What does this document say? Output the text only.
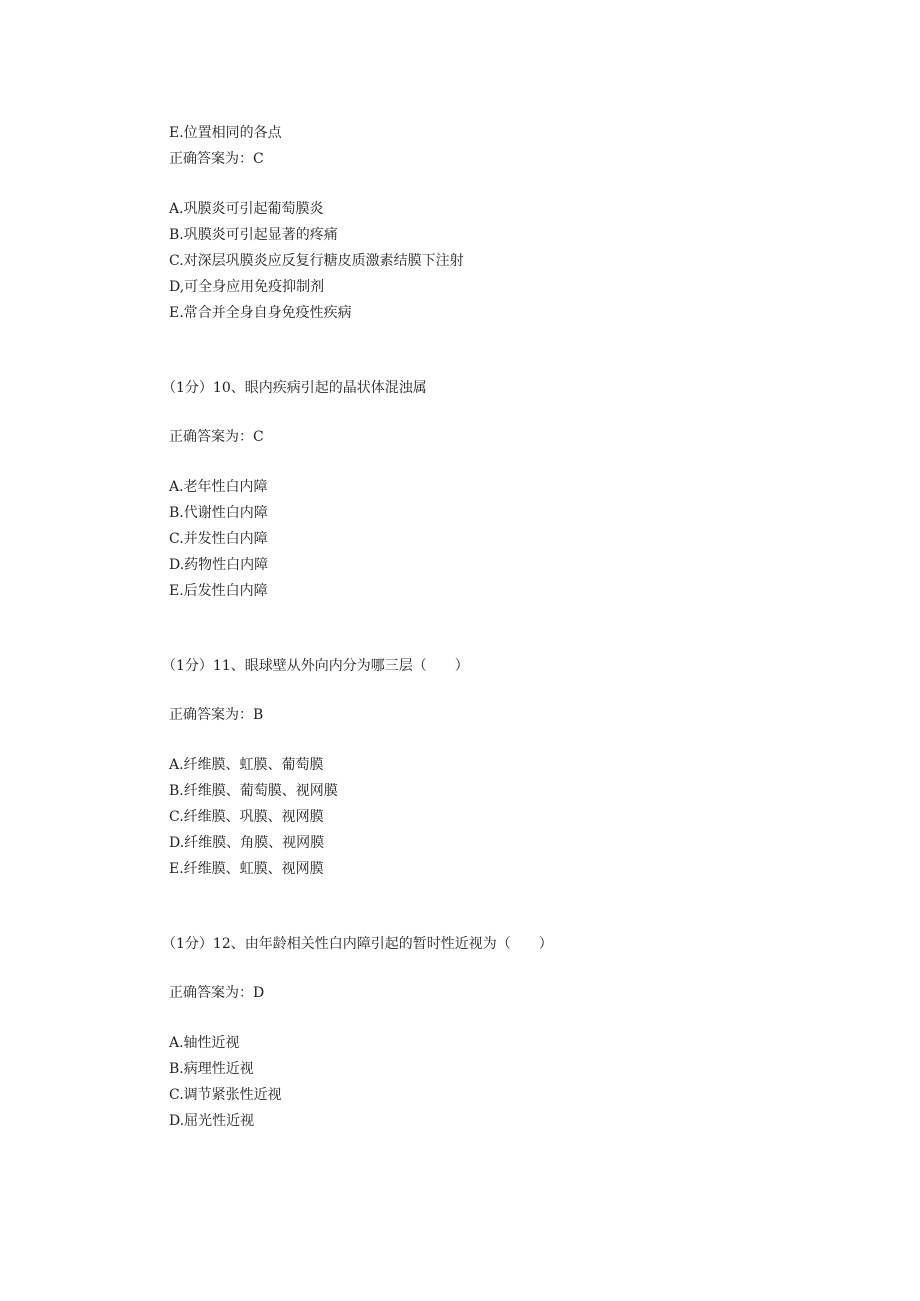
E.位置相同的各点
正确答案为：C
A.巩膜炎可引起葡萄膜炎
B.巩膜炎可引起显著的疼痛
C.对深层巩膜炎应反复行糖皮质激素结膜下注射
D,可全身应用免疫抑制剂
E.常合并全身自身免疫性疾病
（1分）10、眼内疾病引起的晶状体混浊属
正确答案为：C
A.老年性白内障
B.代谢性白内障
C.并发性白内障
D.药物性白内障
E.后发性白内障
（1分）11、眼球壁从外向内分为哪三层（　　）
正确答案为：B
A.纤维膜、虹膜、葡萄膜
B.纤维膜、葡萄膜、视网膜
C.纤维膜、巩膜、视网膜
D.纤维膜、角膜、视网膜
E.纤维膜、虹膜、视网膜
（1分）12、由年龄相关性白内障引起的暂时性近视为（　　）
正确答案为：D
A.轴性近视
B.病理性近视
C.调节紧张性近视
D.屈光性近视
